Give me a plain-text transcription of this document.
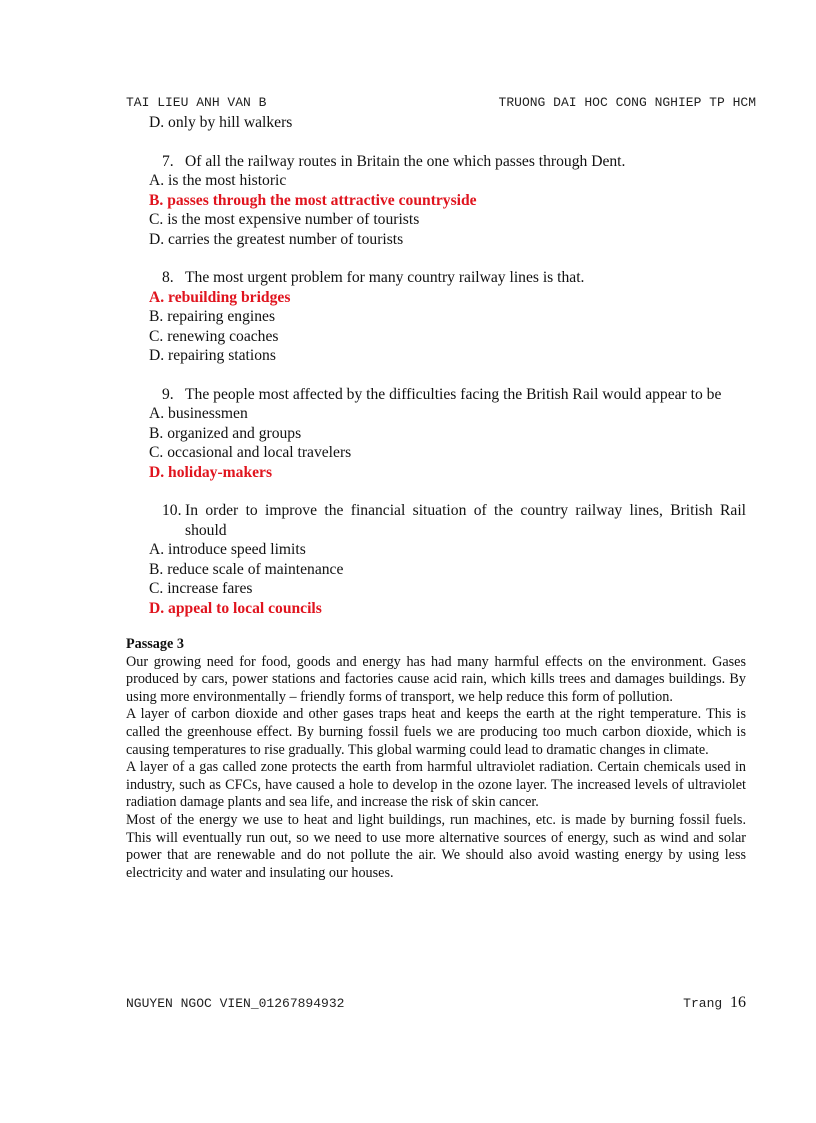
TAI LIEU ANH VAN B	TRUONG DAI HOC CONG NGHIEP TP HCM
D. only by hill walkers
7. Of all the railway routes in Britain the one which passes through Dent.
A. is the most historic
B. passes through the most attractive countryside
C. is the most expensive number of tourists
D. carries the greatest number of tourists
8. The most urgent problem for many country railway lines is that.
A. rebuilding bridges
B. repairing engines
C. renewing coaches
D. repairing stations
9. The people most affected by the difficulties facing the British Rail would appear to be
A. businessmen
B. organized and groups
C. occasional and local travelers
D. holiday-makers
10. In order to improve the financial situation of the country railway lines, British Rail should
A. introduce speed limits
B. reduce scale of maintenance
C. increase fares
D. appeal to local councils
Passage 3

Our growing need for food, goods and energy has had many harmful effects on the environment. Gases produced by cars, power stations and factories cause acid rain, which kills trees and damages buildings. By using more environmentally – friendly forms of transport, we help reduce this form of pollution.

A layer of carbon dioxide and other gases traps heat and keeps the earth at the right temperature. This is called the greenhouse effect. By burning fossil fuels we are producing too much carbon dioxide, which is causing temperatures to rise gradually. This global warming could lead to dramatic changes in climate.

A layer of a gas called zone protects the earth from harmful ultraviolet radiation. Certain chemicals used in industry, such as CFCs, have caused a hole to develop in the ozone layer. The increased levels of ultraviolet radiation damage plants and sea life, and increase the risk of skin cancer.

Most of the energy we use to heat and light buildings, run machines, etc. is made by burning fossil fuels. This will eventually run out, so we need to use more alternative sources of energy, such as wind and solar power that are renewable and do not pollute the air. We should also avoid wasting energy by using less electricity and water and insulating our houses.

NGUYEN NGOC VIEN_01267894932	Trang 16
